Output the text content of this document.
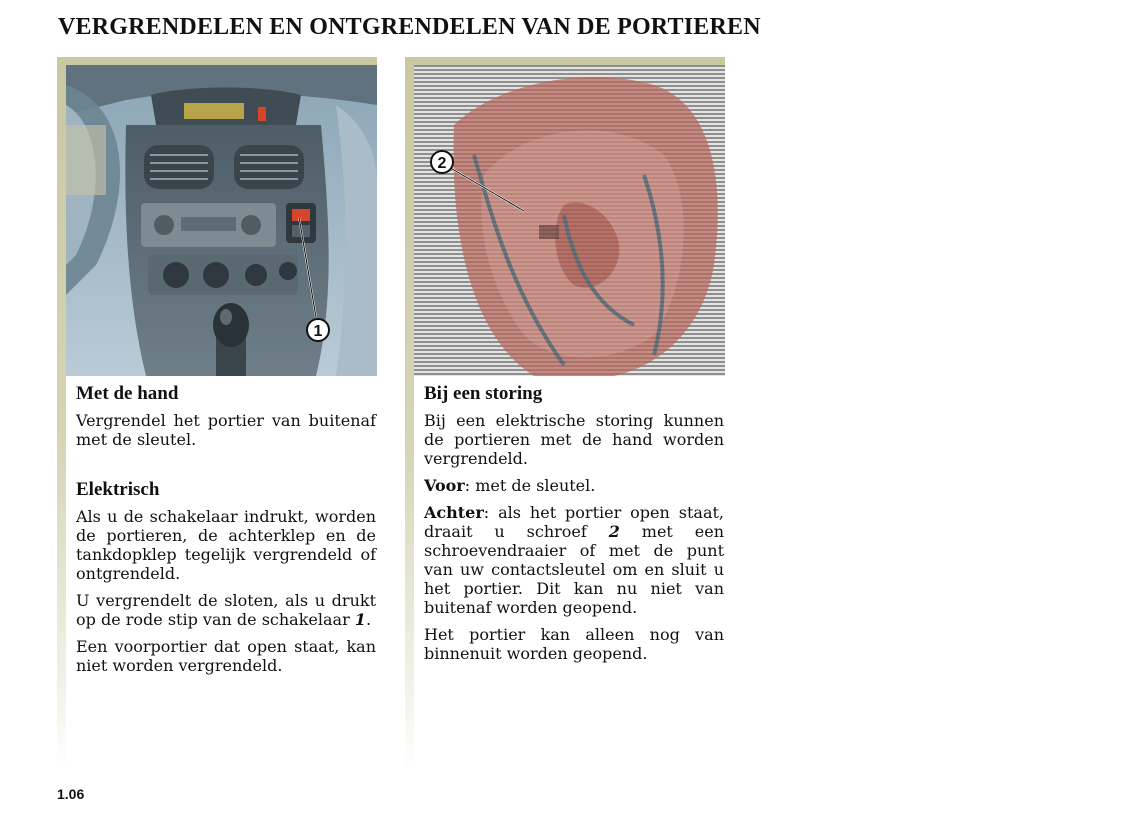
VERGRENDELEN EN ONTGRENDELEN VAN DE PORTIEREN
1
Met de hand

Vergrendel het portier van buitenaf met de sleutel.

Elektrisch

Als u de schakelaar indrukt, worden de portieren, de achterklep en de tankdopklep tegelijk vergrendeld of ontgrendeld.

U vergrendelt de sloten, als u drukt op de rode stip van de schakelaar 1.

Een voorportier dat open staat, kan niet worden vergrendeld.

2
Bij een storing

Bij een elektrische storing kunnen de portieren met de hand worden vergrendeld.

Voor: met de sleutel.

Achter: als het portier open staat, draait u schroef 2 met een schroevendraaier of met de punt van uw contactsleutel om en sluit u het portier. Dit kan nu niet van buitenaf worden geopend.

Het portier kan alleen nog van binnenuit worden geopend.

1.06
